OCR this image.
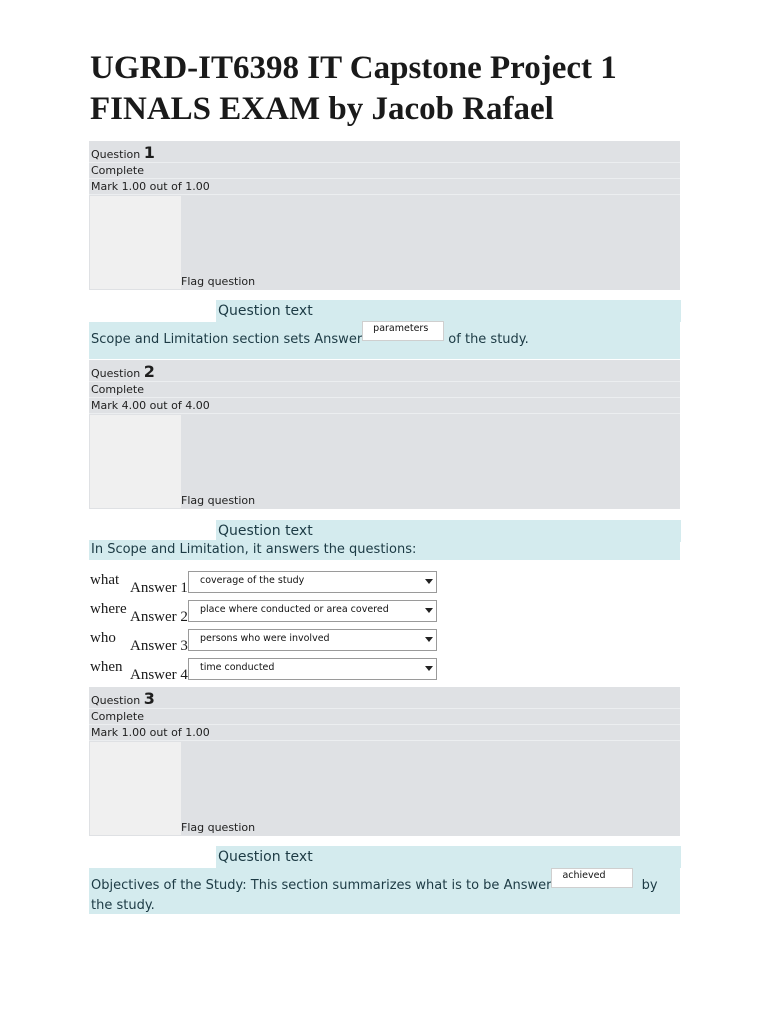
UGRD-IT6398 IT Capstone Project 1
FINALS EXAM by Jacob Rafael
Question 1
Complete
Mark 1.00 out of 1.00
Flag question
Question text
Scope and Limitation section sets Answerparameters of the study.
Question 2
Complete
Mark 4.00 out of 4.00
Flag question
Question text
In Scope and Limitation, it answers the questions:
what Answer 1	coverage of the study
where Answer 2	place where conducted or area covered
who Answer 3	persons who were involved
when Answer 4	time conducted
Question 3
Complete
Mark 1.00 out of 1.00
Flag question
Question text
Objectives of the Study: This section summarizes what is to be Answerachieved by the study.
